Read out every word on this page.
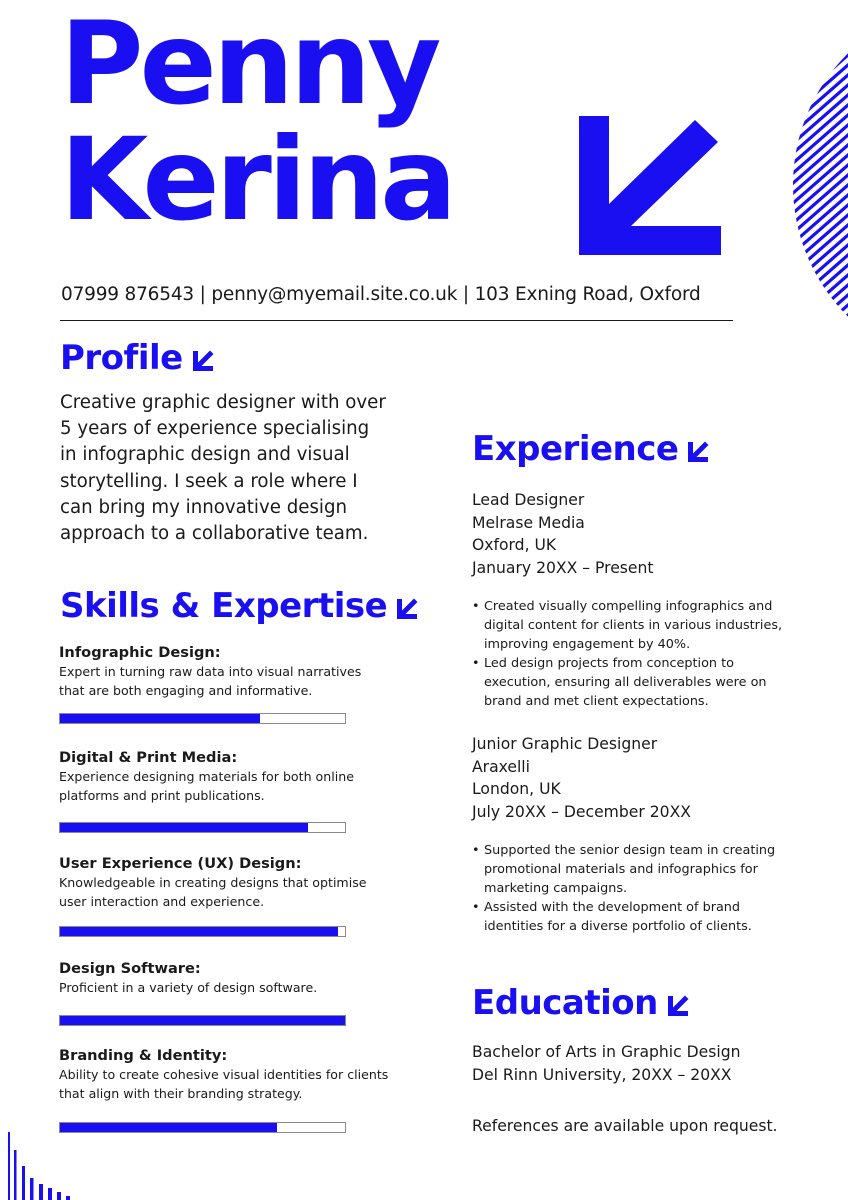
Penny
Kerina
07999 876543 | penny@myemail.site.co.uk | 103 Exning Road, Oxford
Profile
Creative graphic designer with over 5 years of experience specialising in infographic design and visual storytelling. I seek a role where I can bring my innovative design approach to a collaborative team.
Skills & Expertise
Infographic Design:
Expert in turning raw data into visual narratives that are both engaging and informative.
Digital & Print Media:
Experience designing materials for both online platforms and print publications.
User Experience (UX) Design:
Knowledgeable in creating designs that optimise user interaction and experience.
Design Software:
Proficient in a variety of design software.
Branding & Identity:
Ability to create cohesive visual identities for clients that align with their branding strategy.
Experience
Lead Designer
Melrase Media
Oxford, UK
January 20XX – Present
• Created visually compelling infographics and digital content for clients in various industries, improving engagement by 40%.
• Led design projects from conception to execution, ensuring all deliverables were on brand and met client expectations.
Junior Graphic Designer
Araxelli
London, UK
July 20XX – December 20XX
• Supported the senior design team in creating promotional materials and infographics for marketing campaigns.
• Assisted with the development of brand identities for a diverse portfolio of clients.
Education
Bachelor of Arts in Graphic Design
Del Rinn University, 20XX – 20XX
References are available upon request.
